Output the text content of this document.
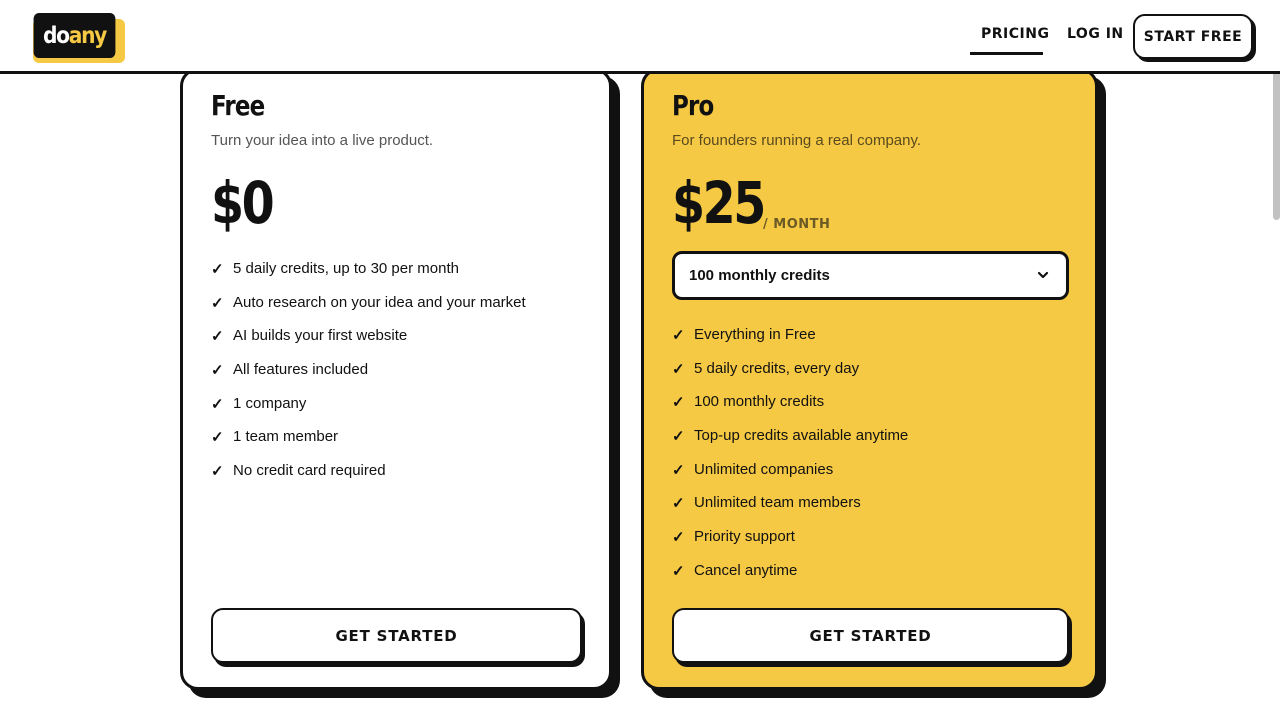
do any	PRICING LOG IN	START FREE
Free
Turn your idea into a live product.
$0
✓ 5 daily credits, up to 30 per month
✓ Auto research on your idea and your market
✓ AI builds your first website
✓ All features included
✓ 1 company
✓ 1 team member
✓ No credit card required
GET STARTED
Pro
For founders running a real company.
$25 / MONTH
100 monthly credits
✓ Everything in Free
✓ 5 daily credits, every day
✓ 100 monthly credits
✓ Top-up credits available anytime
✓ Unlimited companies
✓ Unlimited team members
✓ Priority support
✓ Cancel anytime
GET STARTED
